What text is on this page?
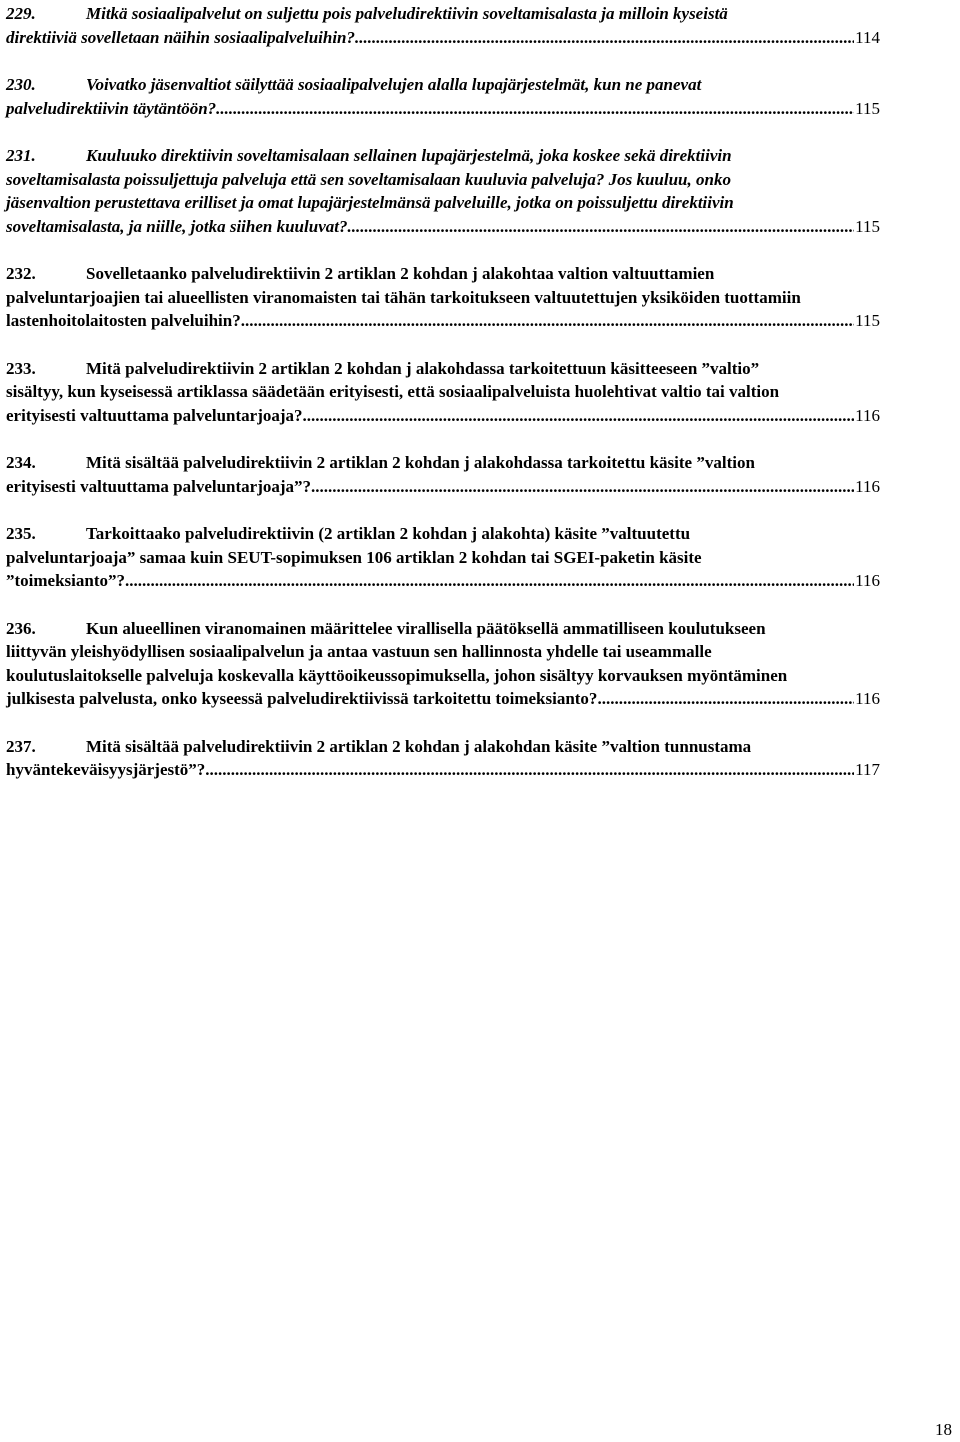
229.	Mitkä sosiaalipalvelut on suljettu pois palveludirektiivin soveltamisalasta ja milloin kyseistä

direktiiviä sovelletaan näihin sosiaalipalveluihin? .....	114

230.	Voivatko jäsenvaltiot säilyttää sosiaalipalvelujen alalla lupajärjestelmät, kun ne panevat

palveludirektiivin täytäntöön? .....	115

231.	Kuuluuko direktiivin soveltamisalaan sellainen lupajärjestelmä, joka koskee sekä direktiivin

soveltamisalasta poissuljettuja palveluja että sen soveltamisalaan kuuluvia palveluja? Jos kuuluu, onko

jäsenvaltion perustettava erilliset ja omat lupajärjestelmänsä palveluille, jotka on poissuljettu direktiivin

soveltamisalasta, ja niille, jotka siihen kuuluvat? .....	115

232.	Sovelletaanko palveludirektiivin 2 artiklan 2 kohdan j alakohtaa valtion valtuuttamien

palveluntarjoajien tai alueellisten viranomaisten tai tähän tarkoitukseen valtuutettujen yksiköiden tuottamiin

lastenhoitolaitosten palveluihin? .....	115

233.	Mitä palveludirektiivin 2 artiklan 2 kohdan j alakohdassa tarkoitettuun käsitteeseen ”valtio”

sisältyy, kun kyseisessä artiklassa säädetään erityisesti, että sosiaalipalveluista huolehtivat valtio tai valtion

erityisesti valtuuttama palveluntarjoaja? .....	116

234.	Mitä sisältää palveludirektiivin 2 artiklan 2 kohdan j alakohdassa tarkoitettu käsite ”valtion

erityisesti valtuuttama palveluntarjoaja”? .....	116

235.	Tarkoittaako palveludirektiivin (2 artiklan 2 kohdan j alakohta) käsite ”valtuutettu

palveluntarjoaja” samaa kuin SEUT-sopimuksen 106 artiklan 2 kohdan tai SGEI-paketin käsite

”toimeksianto”? .....	116

236.	Kun alueellinen viranomainen määrittelee virallisella päätöksellä ammatilliseen koulutukseen

liittyvän yleishyödyllisen sosiaalipalvelun ja antaa vastuun sen hallinnosta yhdelle tai useammalle

koulutuslaitokselle palveluja koskevalla käyttöoikeussopimuksella, johon sisältyy korvauksen myöntäminen

julkisesta palvelusta, onko kyseessä palveludirektiivissä tarkoitettu toimeksianto? .....	116

237.	Mitä sisältää palveludirektiivin 2 artiklan 2 kohdan j alakohdan käsite ”valtion tunnustama

hyväntekeväisyysjärjestö”? .....	117

18
